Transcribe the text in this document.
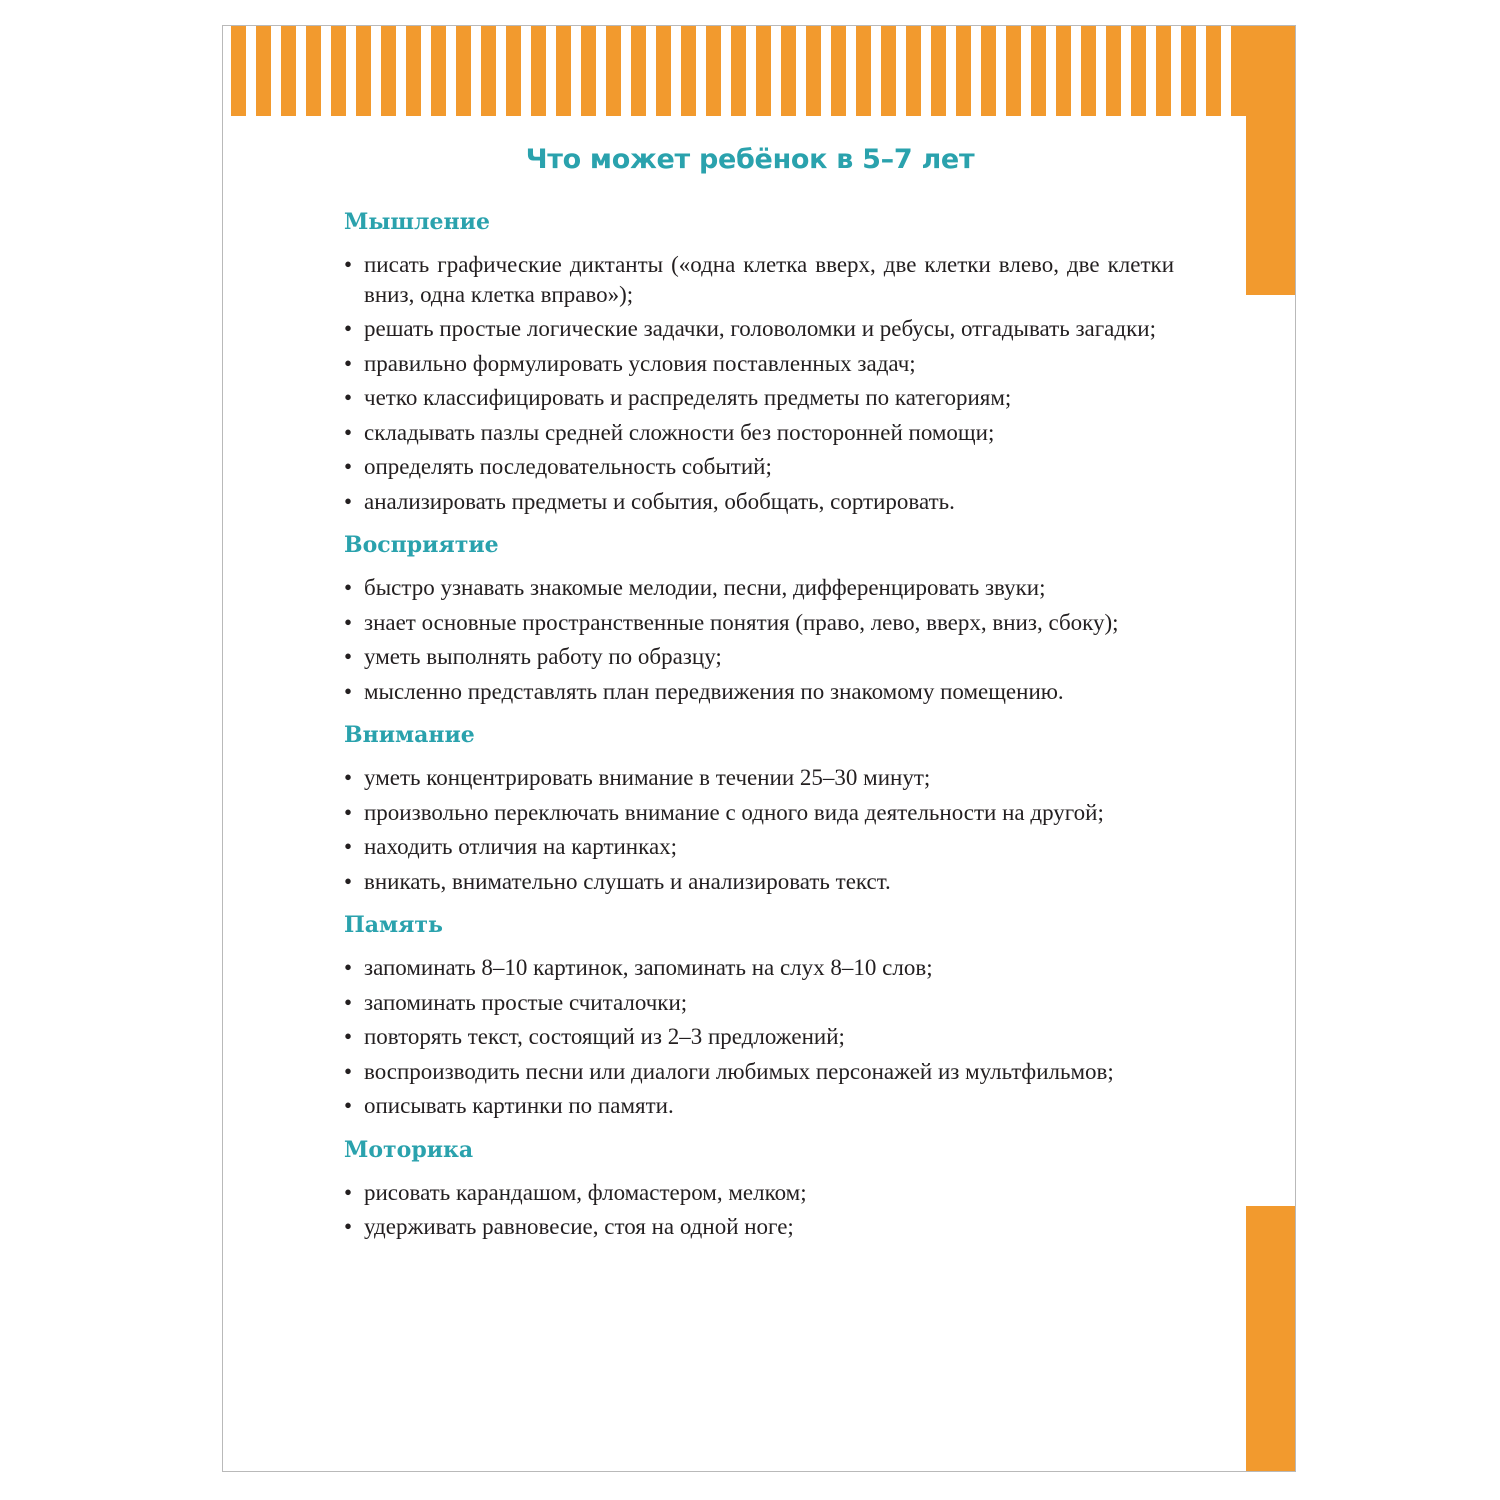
Что может ребёнок в 5–7 лет
Мышление
• писать графические диктанты («одна клетка вверх, две клетки влево, две клетки вниз, одна клетка вправо»);
• решать простые логические задачки, головоломки и ребусы, отгадывать загадки;
• правильно формулировать условия поставленных задач;
• четко классифицировать и распределять предметы по категориям;
• складывать пазлы средней сложности без посторонней помощи;
• определять последовательность событий;
• анализировать предметы и события, обобщать, сортировать.
Восприятие
• быстро узнавать знакомые мелодии, песни, дифференцировать звуки;
• знает основные пространственные понятия (право, лево, вверх, вниз, сбоку);
• уметь выполнять работу по образцу;
• мысленно представлять план передвижения по знакомому помещению.
Внимание
• уметь концентрировать внимание в течении 25–30 минут;
• произвольно переключать внимание с одного вида деятельности на другой;
• находить отличия на картинках;
• вникать, внимательно слушать и анализировать текст.
Память
• запоминать 8–10 картинок, запоминать на слух 8–10 слов;
• запоминать простые считалочки;
• повторять текст, состоящий из 2–3 предложений;
• воспроизводить песни или диалоги любимых персонажей из мультфильмов;
• описывать картинки по памяти.
Моторика
• рисовать карандашом, фломастером, мелком;
• удерживать равновесие, стоя на одной ноге;
